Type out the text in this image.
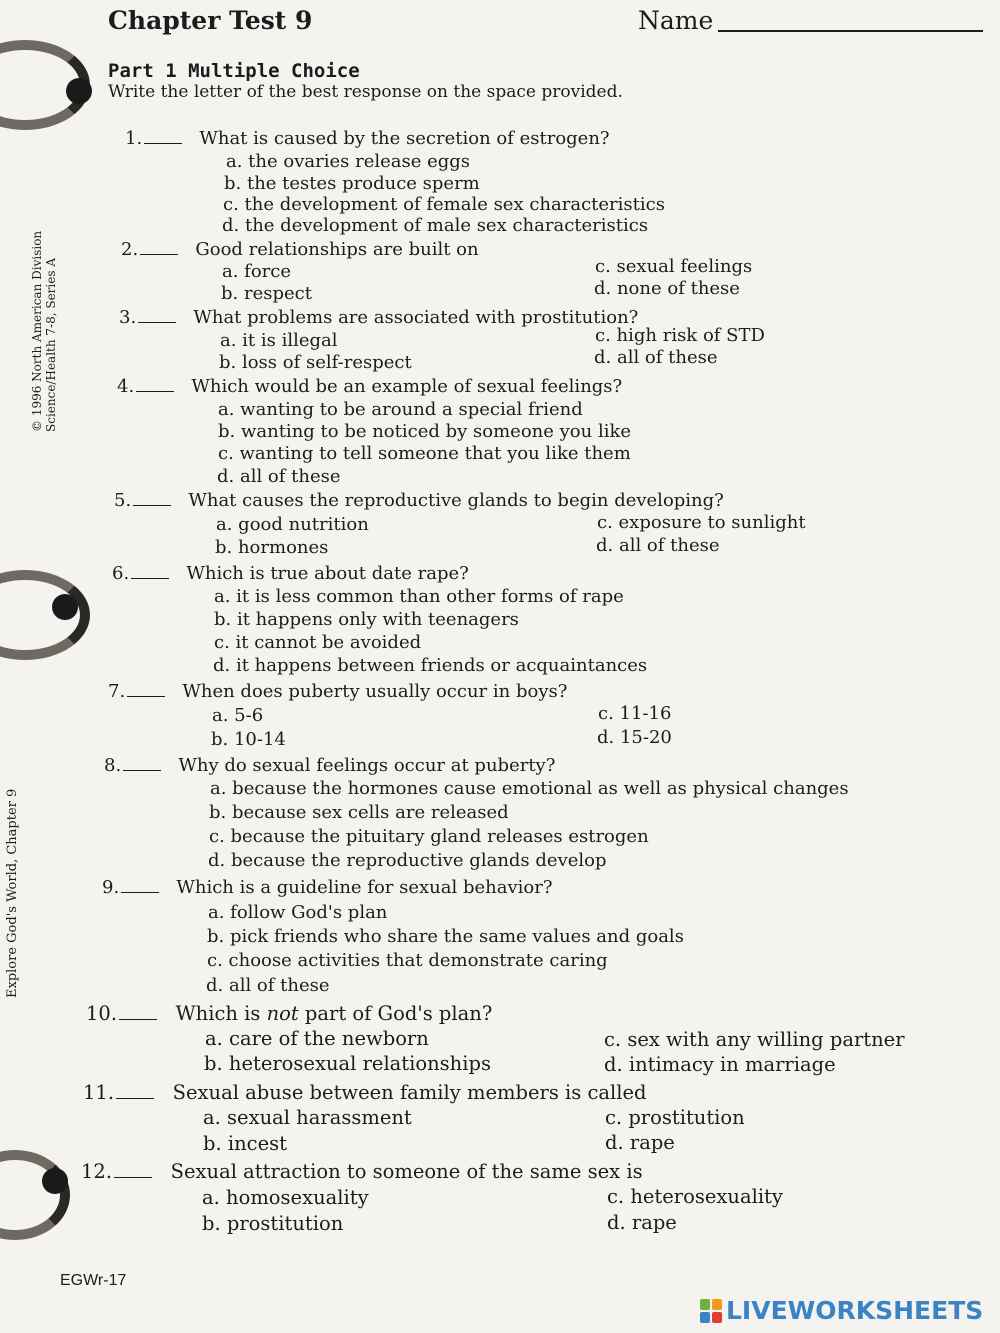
Chapter Test 9	Name
Part 1 Multiple Choice
Write the letter of the best response on the space provided.
© 1996 North American Division Science/Health 7-8, Series A
Explore God's World, Chapter 9
1.	What is caused by the secretion of estrogen?
a. the ovaries release eggs
b. the testes produce sperm
c. the development of female sex characteristics
d. the development of male sex characteristics
2.	Good relationships are built on
a. force
b. respect
c. sexual feelings
d. none of these
3.	What problems are associated with prostitution?
a. it is illegal
b. loss of self-respect
c. high risk of STD
d. all of these
4.	Which would be an example of sexual feelings?
a. wanting to be around a special friend
b. wanting to be noticed by someone you like
c. wanting to tell someone that you like them
d. all of these
5.	What causes the reproductive glands to begin developing?
a. good nutrition
b. hormones
c. exposure to sunlight
d. all of these
6.	Which is true about date rape?
a. it is less common than other forms of rape
b. it happens only with teenagers
c. it cannot be avoided
d. it happens between friends or acquaintances
7.	When does puberty usually occur in boys?
a. 5-6
b. 10-14
c. 11-16
d. 15-20
8.	Why do sexual feelings occur at puberty?
a. because the hormones cause emotional as well as physical changes
b. because sex cells are released
c. because the pituitary gland releases estrogen
d. because the reproductive glands develop
9.	Which is a guideline for sexual behavior?
a. follow God's plan
b. pick friends who share the same values and goals
c. choose activities that demonstrate caring
d. all of these
10.	Which is not part of God's plan?
a. care of the newborn
b. heterosexual relationships
c. sex with any willing partner
d. intimacy in marriage
11.	Sexual abuse between family members is called
a. sexual harassment
b. incest
c. prostitution
d. rape
12.	Sexual attraction to someone of the same sex is
a. homosexuality
b. prostitution
c. heterosexuality
d. rape
EGWr-17
LIVEWORKSHEETS
